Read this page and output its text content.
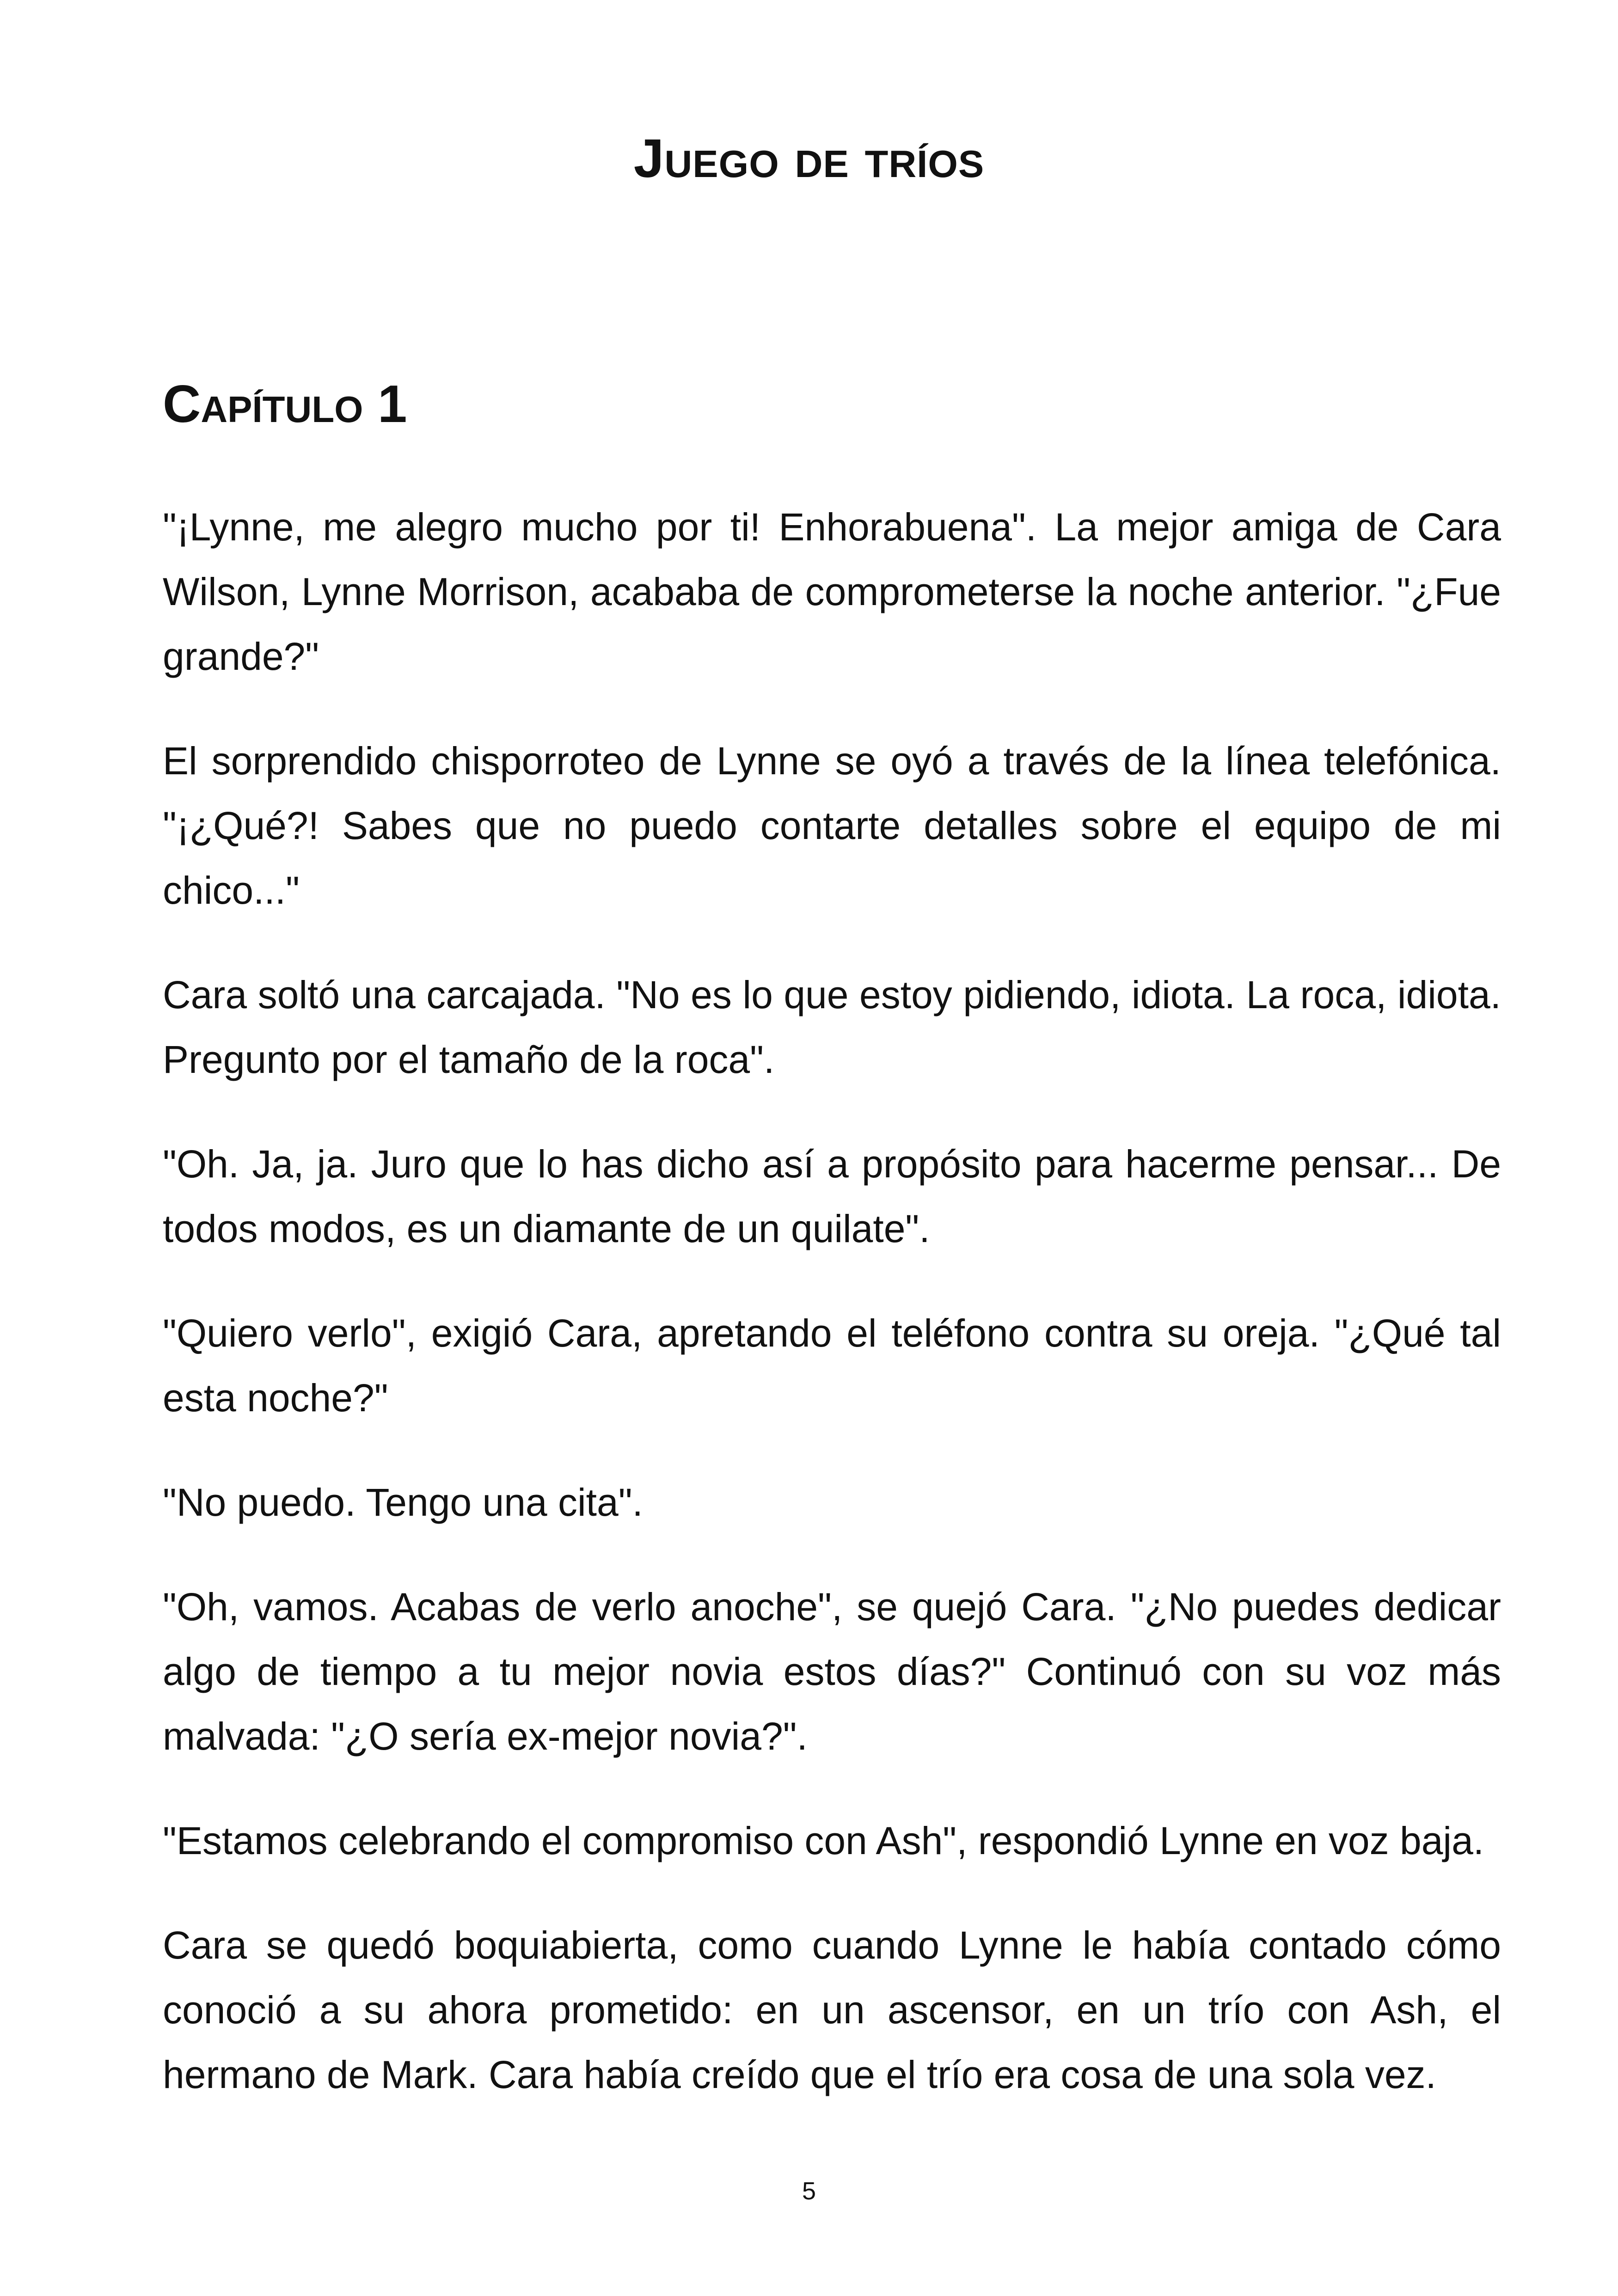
Juego de tríos
Capítulo 1

"¡Lynne, me alegro mucho por ti! Enhorabuena". La mejor amiga de Cara Wilson, Lynne Morrison, acababa de comprometerse la noche anterior. "¿Fue grande?"

El sorprendido chisporroteo de Lynne se oyó a través de la línea telefónica. "¡¿Qué?! Sabes que no puedo contarte detalles sobre el equipo de mi chico..."

Cara soltó una carcajada. "No es lo que estoy pidiendo, idiota. La roca, idiota. Pregunto por el tamaño de la roca".

"Oh. Ja, ja. Juro que lo has dicho así a propósito para hacerme pensar... De todos modos, es un diamante de un quilate".

"Quiero verlo", exigió Cara, apretando el teléfono contra su oreja. "¿Qué tal esta noche?"

"No puedo. Tengo una cita".

"Oh, vamos. Acabas de verlo anoche", se quejó Cara. "¿No puedes dedicar algo de tiempo a tu mejor novia estos días?" Continuó con su voz más malvada: "¿O sería ex-mejor novia?".

"Estamos celebrando el compromiso con Ash", respondió Lynne en voz baja.

Cara se quedó boquiabierta, como cuando Lynne le había contado cómo conoció a su ahora prometido: en un ascensor, en un trío con Ash, el hermano de Mark. Cara había creído que el trío era cosa de una sola vez.

5
